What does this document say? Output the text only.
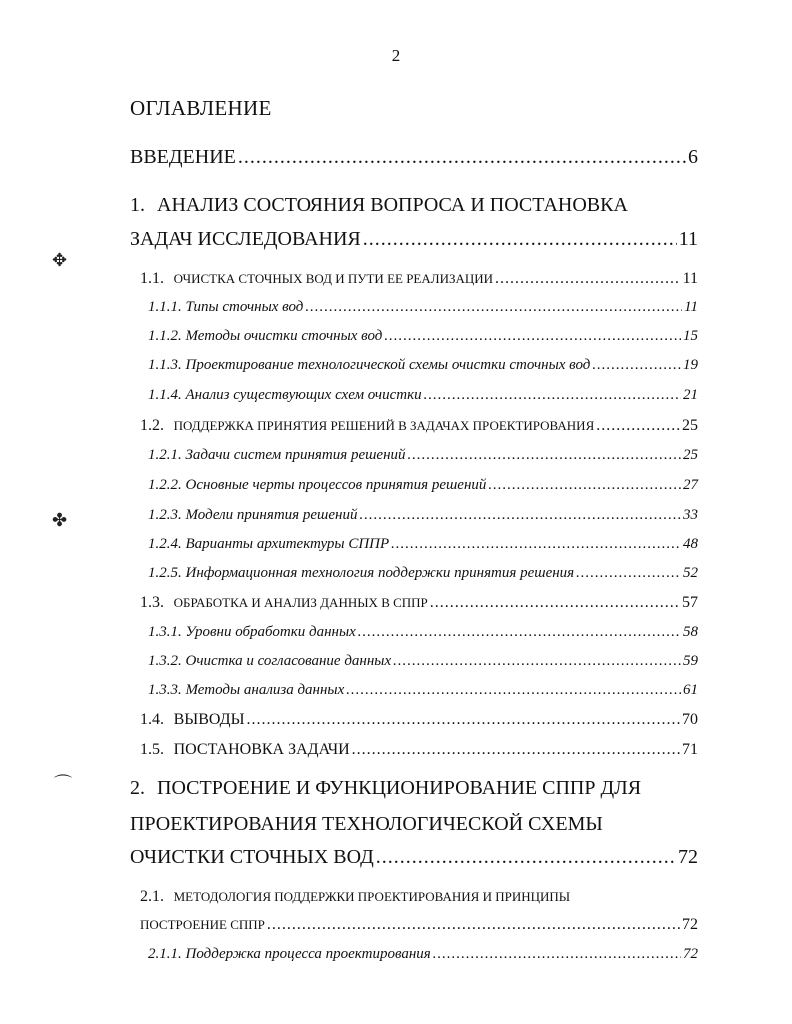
2
ОГЛАВЛЕНИЕ
ВВЕДЕНИЕ .....	6
1. АНАЛИЗ СОСТОЯНИЯ ВОПРОСА И ПОСТАНОВКА
ЗАДАЧ ИССЛЕДОВАНИЯ .....	11
1.1. ОЧИСТКА СТОЧНЫХ ВОД И ПУТИ ЕЕ РЕАЛИЗАЦИИ .....	11
1.1.1. Типы сточных вод .....	11
1.1.2. Методы очистки сточных вод .....	15
1.1.3. Проектирование технологической схемы очистки сточных вод .....	19
1.1.4. Анализ существующих схем очистки .....	21
1.2. ПОДДЕРЖКА ПРИНЯТИЯ РЕШЕНИЙ В ЗАДАЧАХ ПРОЕКТИРОВАНИЯ .....	25
1.2.1. Задачи систем принятия решений .....	25
1.2.2. Основные черты процессов принятия решений .....	27
1.2.3. Модели принятия решений .....	33
1.2.4. Варианты архитектуры СППР .....	48
1.2.5. Информационная технология поддержки принятия решения .....	52
1.3. ОБРАБОТКА И АНАЛИЗ ДАННЫХ В СППР .....	57
1.3.1. Уровни обработки данных .....	58
1.3.2. Очистка и согласование данных .....	59
1.3.3. Методы анализа данных .....	61
1.4. ВЫВОДЫ .....	70
1.5. ПОСТАНОВКА ЗАДАЧИ .....	71
2. ПОСТРОЕНИЕ И ФУНКЦИОНИРОВАНИЕ СППР ДЛЯ
ПРОЕКТИРОВАНИЯ ТЕХНОЛОГИЧЕСКОЙ СХЕМЫ
ОЧИСТКИ СТОЧНЫХ ВОД .....	72
2.1. МЕТОДОЛОГИЯ ПОДДЕРЖКИ ПРОЕКТИРОВАНИЯ И ПРИНЦИПЫ
ПОСТРОЕНИЕ СППР .....	72
2.1.1. Поддержка процесса проектирования .....	72
✥
✤
⌒
